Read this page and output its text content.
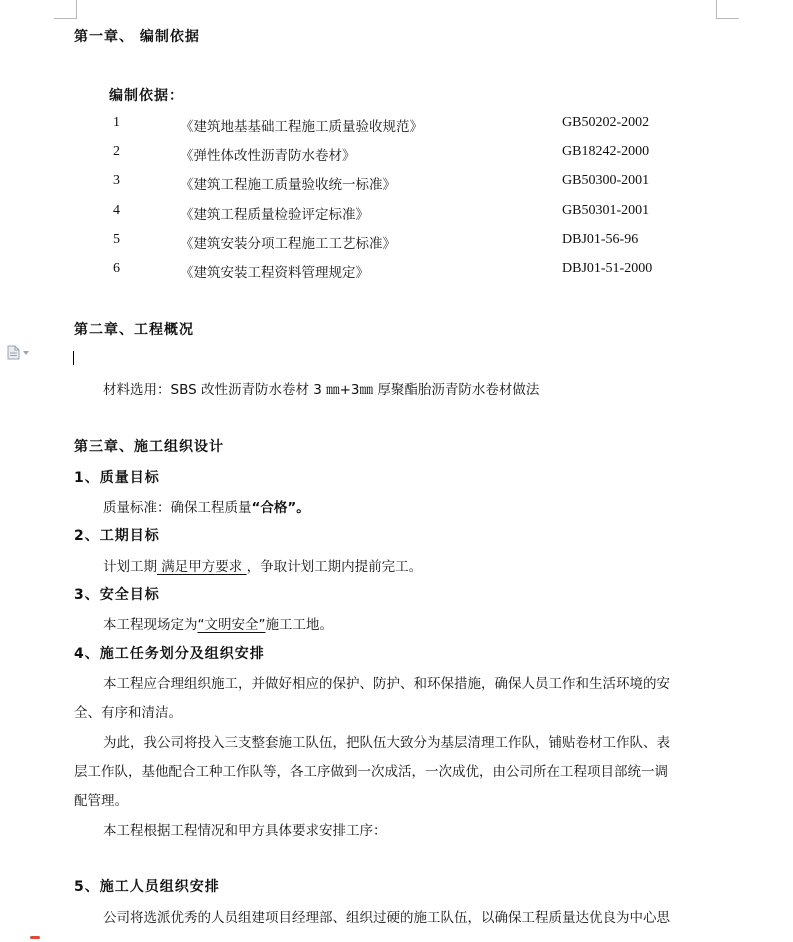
第一章、 编制依据
编制依据：
1	《建筑地基基础工程施工质量验收规范》	GB50202-2002
2	《弹性体改性沥青防水卷材》	GB18242-2000
3	《建筑工程施工质量验收统一标准》	GB50300-2001
4	《建筑工程质量检验评定标准》	GB50301-2001
5	《建筑安装分项工程施工工艺标准》	DBJ01-56-96
6	《建筑安装工程资料管理规定》	DBJ01-51-2000
第二章、工程概况
材料选用：SBS 改性沥青防水卷材 3 ㎜+3㎜ 厚聚酯胎沥青防水卷材做法
第三章、施工组织设计
1、质量目标
质量标准：确保工程质量“合格”。
2、工期目标
计划工期 满足甲方要求 ，争取计划工期内提前完工。
3、安全目标
本工程现场定为“文明安全”施工工地。
4、施工任务划分及组织安排
本工程应合理组织施工，并做好相应的保护、防护、和环保措施，确保人员工作和生活环境的安
全、有序和清洁。
为此，我公司将投入三支整套施工队伍，把队伍大致分为基层清理工作队，铺贴卷材工作队、表
层工作队，基他配合工种工作队等，各工序做到一次成活，一次成优，由公司所在工程项目部统一调
配管理。
本工程根据工程情况和甲方具体要求安排工序：
5、施工人员组织安排
公司将选派优秀的人员组建项目经理部、组织过硬的施工队伍，以确保工程质量达优良为中心思
